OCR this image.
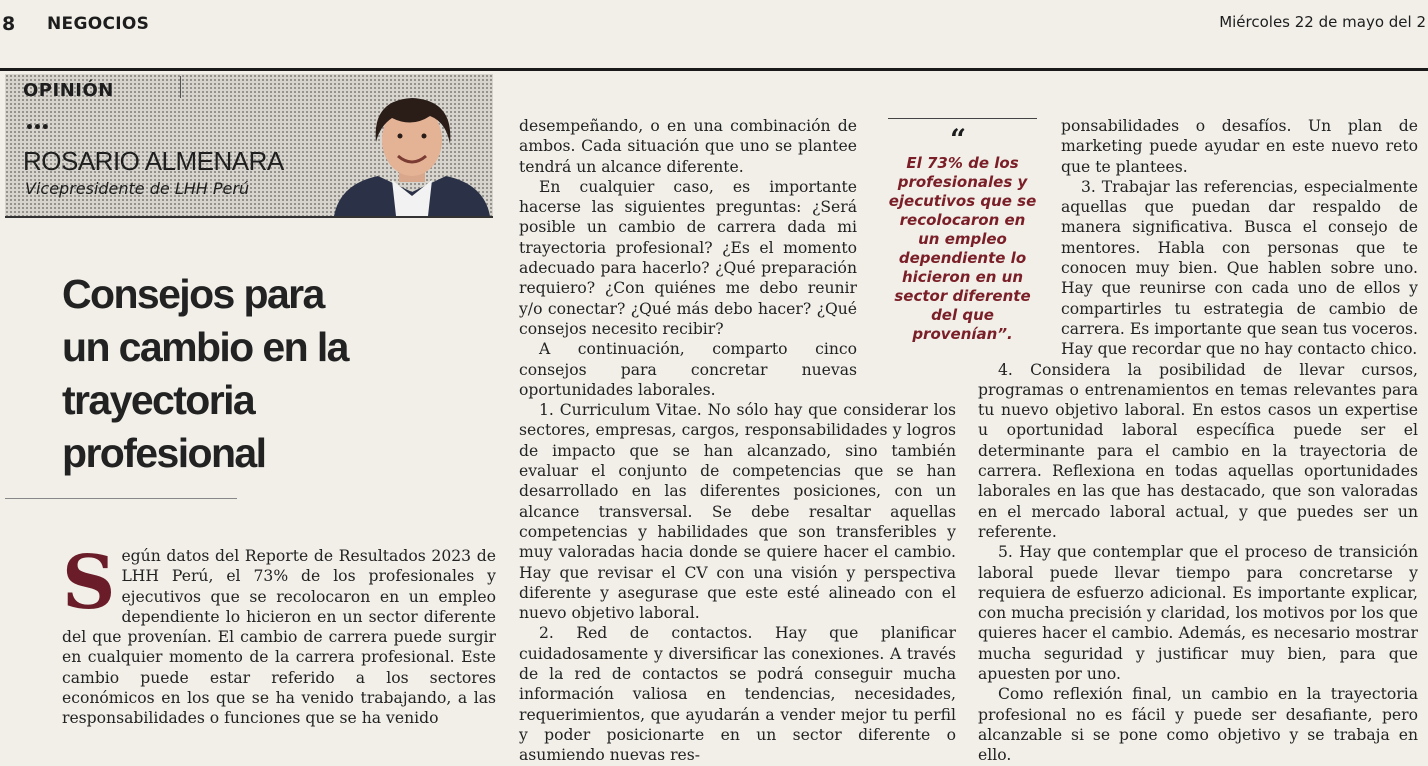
8 NEGOCIOS	Miércoles 22 de mayo del 2
OPINIÓN
•••
ROSARIO ALMENARA
Vicepresidente de LHH Perú
Consejos para un cambio en la trayectoria profesional
S egún datos del Reporte de Resultados 2023 de LHH Perú, el 73% de los profesionales y ejecutivos que se recolocaron en un empleo dependiente lo hicieron en un sector diferente del que provenían. El cambio de carrera puede surgir en cualquier momento de la carrera profesional. Este cambio puede estar referido a los sectores económicos en los que se ha venido trabajando, a las responsabilidades o funciones que se ha venido

desempeñando, o en una combinación de ambos. Cada situación que uno se plantee tendrá un alcance diferente.

En cualquier caso, es importante hacerse las siguientes preguntas: ¿Será posible un cambio de carrera dada mi trayectoria profesional? ¿Es el momento adecuado para hacerlo? ¿Qué preparación requiero? ¿Con quiénes me debo reunir y/o conectar? ¿Qué más debo hacer? ¿Qué consejos necesito recibir?

A continuación, comparto cinco consejos para concretar nuevas oportunidades laborales.

1. Curriculum Vitae. No sólo hay que considerar los sectores, empresas, cargos, responsabilidades y logros de impacto que se han alcanzado, sino también evaluar el conjunto de competencias que se han desarrollado en las diferentes posiciones, con un alcance transversal. Se debe resaltar aquellas competencias y habilidades que son transferibles y muy valoradas hacia donde se quiere hacer el cambio. Hay que revisar el CV con una visión y perspectiva diferente y asegurase que este esté alineado con el nuevo objetivo laboral.

2. Red de contactos. Hay que planificar cuidadosamente y diversificar las conexiones. A través de la red de contactos se podrá conseguir mucha información valiosa en tendencias, necesidades, requerimientos, que ayudarán a vender mejor tu perfil y poder posicionarte en un sector diferente o asumiendo nuevas res-

“

El 73% de los profesionales y ejecutivos que se recolocaron en un empleo dependiente lo hicieron en un sector diferente del que provenían”.

ponsabilidades o desafíos. Un plan de marketing puede ayudar en este nuevo reto que te plantees.

3. Trabajar las referencias, especialmente aquellas que puedan dar respaldo de manera significativa. Busca el consejo de mentores. Habla con personas que te conocen muy bien. Que hablen sobre uno. Hay que reunirse con cada uno de ellos y compartirles tu estrategia de cambio de carrera. Es importante que sean tus voceros. Hay que recordar que no hay contacto chico.

4. Considera la posibilidad de llevar cursos, programas o entrenamientos en temas relevantes para tu nuevo objetivo laboral. En estos casos un expertise u oportunidad laboral específica puede ser el determinante para el cambio en la trayectoria de carrera. Reflexiona en todas aquellas oportunidades laborales en las que has destacado, que son valoradas en el mercado laboral actual, y que puedes ser un referente.

5. Hay que contemplar que el proceso de transición laboral puede llevar tiempo para concretarse y requiera de esfuerzo adicional. Es importante explicar, con mucha precisión y claridad, los motivos por los que quieres hacer el cambio. Además, es necesario mostrar mucha seguridad y justificar muy bien, para que apuesten por uno.

Como reflexión final, un cambio en la trayectoria profesional no es fácil y puede ser desafiante, pero alcanzable si se pone como objetivo y se trabaja en ello.
